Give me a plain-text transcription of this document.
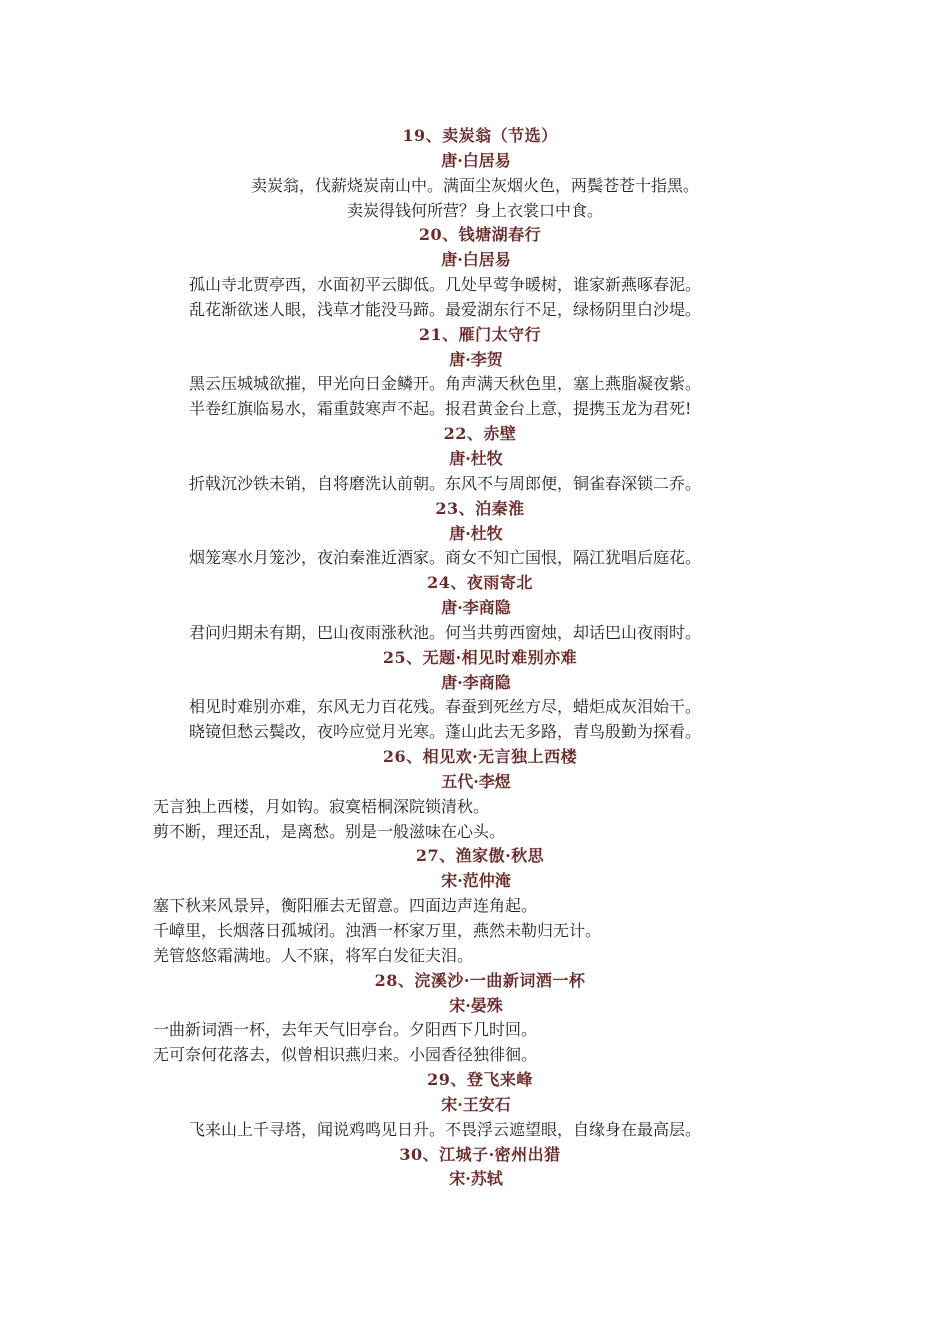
19、卖炭翁（节选）
唐·白居易
卖炭翁，伐薪烧炭南山中。满面尘灰烟火色，两鬓苍苍十指黑。
卖炭得钱何所营？身上衣裳口中食。
20、钱塘湖春行
唐·白居易
孤山寺北贾亭西，水面初平云脚低。几处早莺争暖树，谁家新燕啄春泥。
乱花渐欲迷人眼，浅草才能没马蹄。最爱湖东行不足，绿杨阴里白沙堤。
21、雁门太守行
唐·李贺
黑云压城城欲摧，甲光向日金鳞开。角声满天秋色里，塞上燕脂凝夜紫。
半卷红旗临易水，霜重鼓寒声不起。报君黄金台上意，提携玉龙为君死!
22、赤壁
唐·杜牧
折戟沉沙铁未销，自将磨洗认前朝。东风不与周郎便，铜雀春深锁二乔。
23、泊秦淮
唐·杜牧
烟笼寒水月笼沙，夜泊秦淮近酒家。商女不知亡国恨，隔江犹唱后庭花。
24、夜雨寄北
唐·李商隐
君问归期未有期，巴山夜雨涨秋池。何当共剪西窗烛，却话巴山夜雨时。
25、无题·相见时难别亦难
唐·李商隐
相见时难别亦难，东风无力百花残。春蚕到死丝方尽，蜡炬成灰泪始干。
晓镜但愁云鬓改，夜吟应觉月光寒。蓬山此去无多路，青鸟殷勤为探看。
26、相见欢·无言独上西楼
五代·李煜
无言独上西楼，月如钩。寂寞梧桐深院锁清秋。
剪不断，理还乱，是离愁。别是一般滋味在心头。
27、渔家傲·秋思
宋·范仲淹
塞下秋来风景异，衡阳雁去无留意。四面边声连角起。
千嶂里，长烟落日孤城闭。浊酒一杯家万里，燕然未勒归无计。
羌管悠悠霜满地。人不寐，将军白发征夫泪。
28、浣溪沙·一曲新词酒一杯
宋·晏殊
一曲新词酒一杯，去年天气旧亭台。夕阳西下几时回。
无可奈何花落去，似曾相识燕归来。小园香径独徘徊。
29、登飞来峰
宋·王安石
飞来山上千寻塔，闻说鸡鸣见日升。不畏浮云遮望眼，自缘身在最高层。
30、江城子·密州出猎
宋·苏轼
